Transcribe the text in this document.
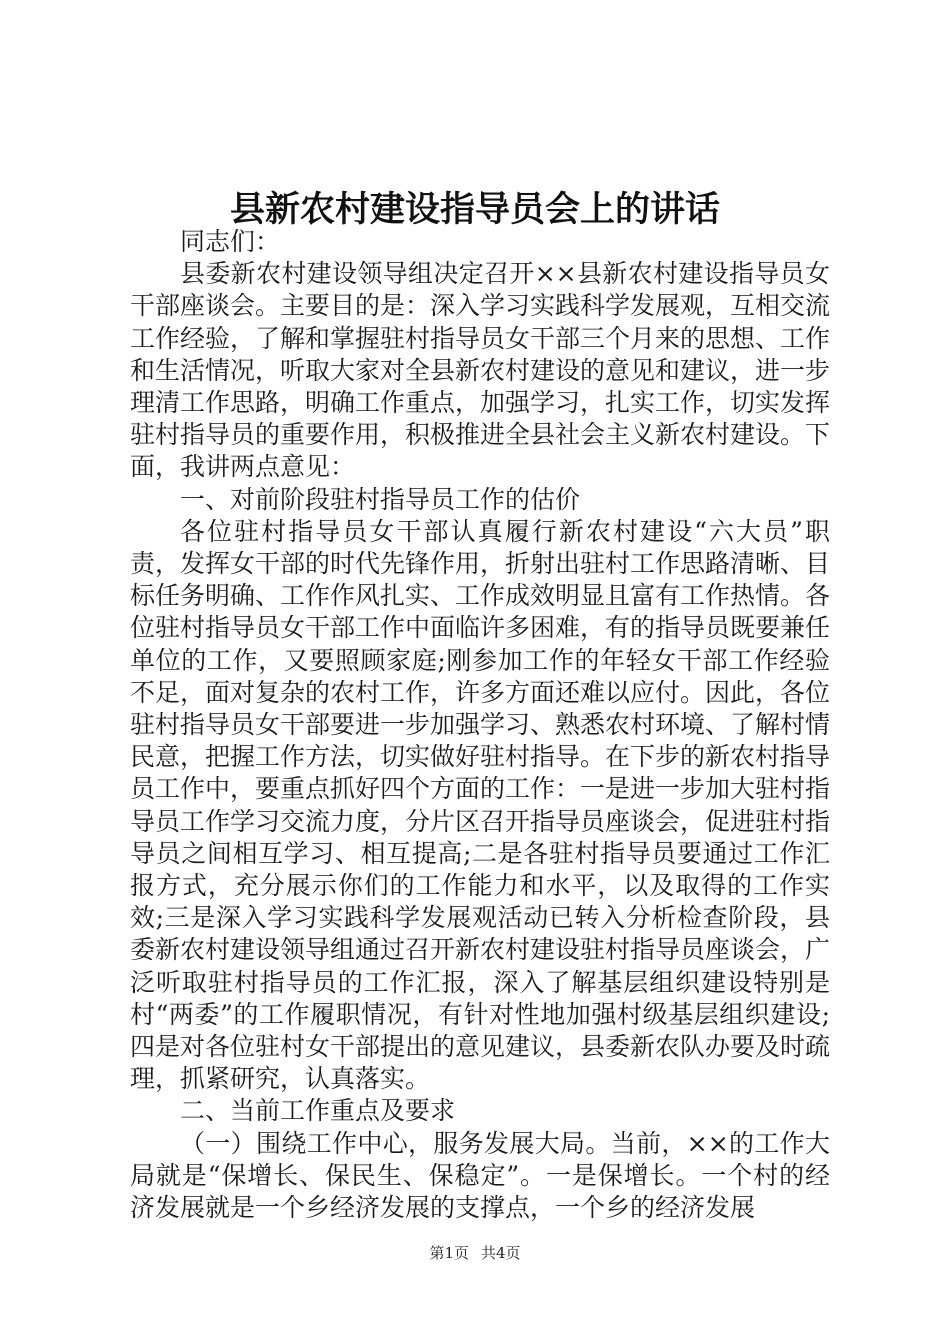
县新农村建设指导员会上的讲话

同志们：

县委新农村建设领导组决定召开××县新农村建设指导员女干部座谈会。主要目的是：深入学习实践科学发展观，互相交流工作经验，了解和掌握驻村指导员女干部三个月来的思想、工作和生活情况，听取大家对全县新农村建设的意见和建议，进一步理清工作思路，明确工作重点，加强学习，扎实工作，切实发挥驻村指导员的重要作用，积极推进全县社会主义新农村建设。下面，我讲两点意见：

一、对前阶段驻村指导员工作的估价

各位驻村指导员女干部认真履行新农村建设“六大员”职责，发挥女干部的时代先锋作用，折射出驻村工作思路清晰、目标任务明确、工作作风扎实、工作成效明显且富有工作热情。各位驻村指导员女干部工作中面临许多困难，有的指导员既要兼任单位的工作，又要照顾家庭;刚参加工作的年轻女干部工作经验不足，面对复杂的农村工作，许多方面还难以应付。因此，各位驻村指导员女干部要进一步加强学习、熟悉农村环境、了解村情民意，把握工作方法，切实做好驻村指导。在下步的新农村指导员工作中，要重点抓好四个方面的工作：一是进一步加大驻村指导员工作学习交流力度，分片区召开指导员座谈会，促进驻村指导员之间相互学习、相互提高;二是各驻村指导员要通过工作汇报方式，充分展示你们的工作能力和水平，以及取得的工作实效;三是深入学习实践科学发展观活动已转入分析检查阶段，县委新农村建设领导组通过召开新农村建设驻村指导员座谈会，广泛听取驻村指导员的工作汇报，深入了解基层组织建设特别是村“两委”的工作履职情况，有针对性地加强村级基层组织建设;四是对各位驻村女干部提出的意见建议，县委新农队办要及时疏理，抓紧研究，认真落实。

二、当前工作重点及要求

（一）围绕工作中心，服务发展大局。当前，××的工作大局就是“保增长、保民生、保稳定”。一是保增长。一个村的经济发展就是一个乡经济发展的支撑点，一个乡的经济发展

第1页 共4页
